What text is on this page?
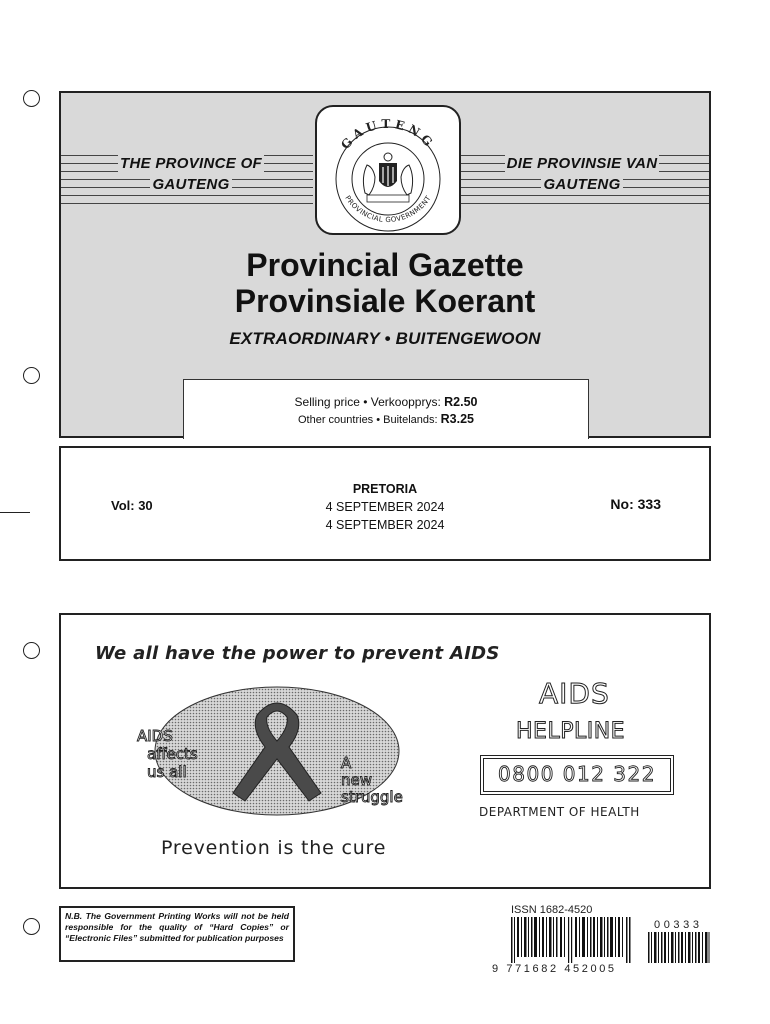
THE PROVINCE OF
GAUTENG
DIE PROVINSIE VAN
GAUTENG
GAUTENG
PROVINCIAL GOVERNMENT
Provincial Gazette
Provinsiale Koerant
EXTRAORDINARY • BUITENGEWOON
Selling price • Verkoopprys: R2.50
Other countries • Buitelands: R3.25
Vol: 30
PRETORIA
4 SEPTEMBER 2024
4 SEPTEMBER 2024
No: 333
We all have the power to prevent AIDS
AIDS
affects
us all	A
new
struggle
Prevention is the cure
AIDS
HELPLINE
0800 012 322
DEPARTMENT OF HEALTH
N.B. The Government Printing Works will not be held responsible for the quality of “Hard Copies” or “Electronic Files” submitted for publication purposes
ISSN 1682-4520
9 771682 452005
00333
